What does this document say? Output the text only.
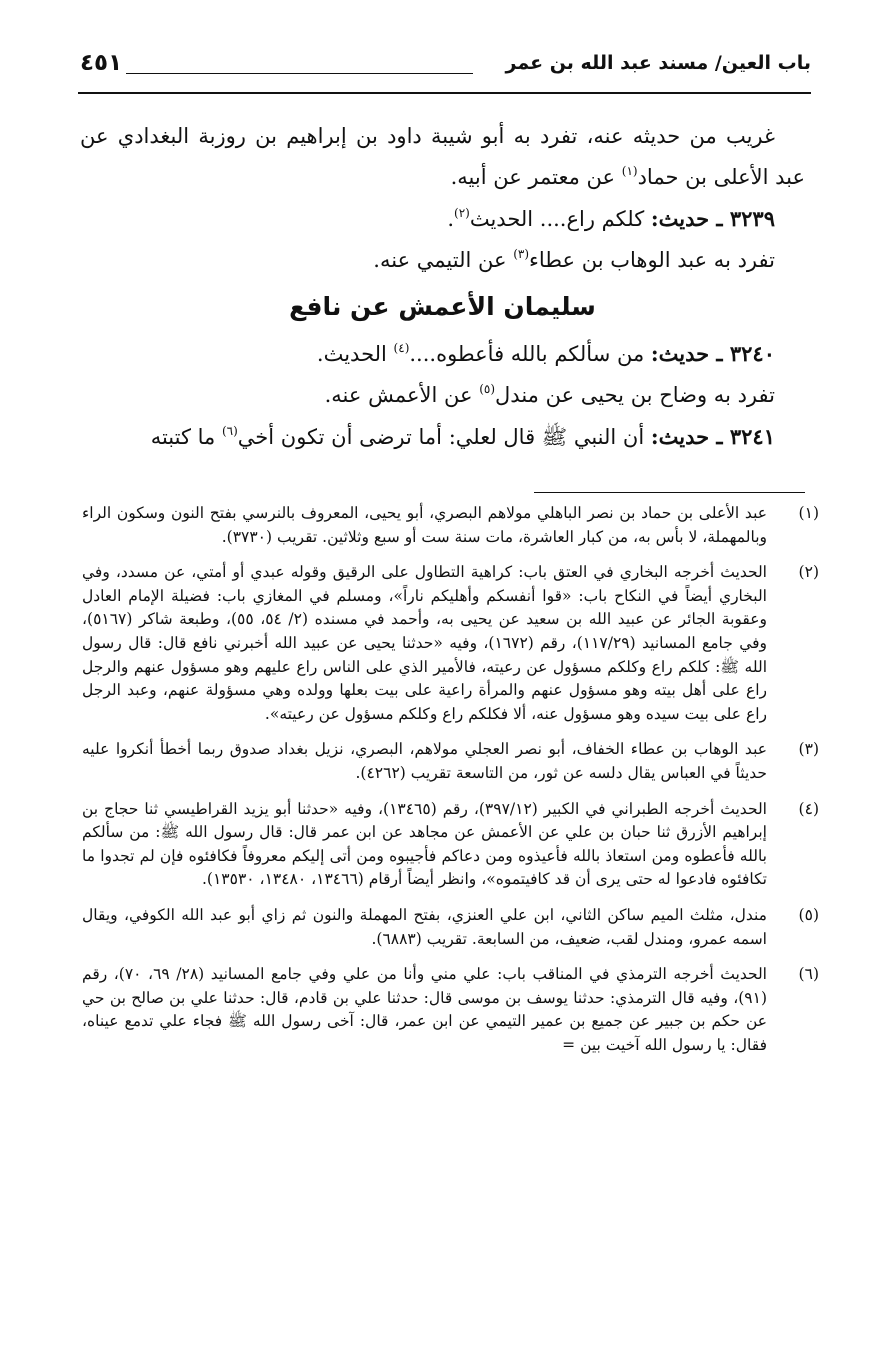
باب العين/ مسند عبد الله بن عمر
٤٥١

غريب من حديثه عنه، تفرد به أبو شيبة داود بن إبراهيم بن روزبة البغدادي عن عبد الأعلى بن حماد$^{(١)}$ عن معتمر عن أبيه.

٣٢٣٩ ـ حديث: كلكم راع.... الحديث$^{(٢)}$.

تفرد به عبد الوهاب بن عطاء$^{(٣)}$ عن التيمي عنه.

سليمان الأعمش عن نافع

٣٢٤٠ ـ حديث: من سألكم بالله فأعطوه....$^{(٤)}$ الحديث.

تفرد به وضاح بن يحيى عن مندل$^{(٥)}$ عن الأعمش عنه.

٣٢٤١ ـ حديث: أن النبي ﷺ قال لعلي: أما ترضى أن تكون أخي$^{(٦)}$ ما كتبته

(١)
عبد الأعلى بن حماد بن نصر الباهلي مولاهم البصري، أبو يحيى، المعروف بالنرسي بفتح النون وسكون الراء وبالمهملة، لا بأس به، من كبار العاشرة، مات سنة ست أو سبع وثلاثين. تقريب (٣٧٣٠).
(٢)
الحديث أخرجه البخاري في العتق باب: كراهية التطاول على الرقيق وقوله عبدي أو أمتي، عن مسدد، وفي البخاري أيضاً في النكاح باب: «قوا أنفسكم وأهليكم ناراً»، ومسلم في المغازي باب: فضيلة الإمام العادل وعقوبة الجائر عن عبيد الله بن سعيد عن يحيى به، وأحمد في مسنده (٢/ ٥٤، ٥٥)، وطبعة شاكر (٥١٦٧)، وفي جامع المسانيد (١١٧/٢٩)، رقم (١٦٧٢)، وفيه «حدثنا يحيى عن عبيد الله أخبرني نافع قال: قال رسول الله ﷺ: كلكم راع وكلكم مسؤول عن رعيته، فالأمير الذي على الناس راع عليهم وهو مسؤول عنهم والرجل راع على أهل بيته وهو مسؤول عنهم والمرأة راعية على بيت بعلها وولده وهي مسؤولة عنهم، وعبد الرجل راع على بيت سيده وهو مسؤول عنه، ألا فكلكم راع وكلكم مسؤول عن رعيته».
(٣)
عبد الوهاب بن عطاء الخفاف، أبو نصر العجلي مولاهم، البصري، نزيل بغداد صدوق ربما أخطأ أنكروا عليه حديثاً في العباس يقال دلسه عن ثور، من التاسعة تقريب (٤٢٦٢).
(٤)
الحديث أخرجه الطبراني في الكبير (٣٩٧/١٢)، رقم (١٣٤٦٥)، وفيه «حدثنا أبو يزيد القراطيسي ثنا حجاج بن إبراهيم الأزرق ثنا حبان بن علي عن الأعمش عن مجاهد عن ابن عمر قال: قال رسول الله ﷺ: من سألكم بالله فأعطوه ومن استعاذ بالله فأعيذوه ومن دعاكم فأجيبوه ومن أتى إليكم معروفاً فكافئوه فإن لم تجدوا ما تكافئوه فادعوا له حتى يرى أن قد كافيتموه»، وانظر أيضاً أرقام (١٣٤٦٦، ١٣٤٨٠، ١٣٥٣٠).
(٥)
مندل، مثلث الميم ساكن الثاني، ابن علي العنزي، بفتح المهملة والنون ثم زاي أبو عبد الله الكوفي، ويقال اسمه عمرو، ومندل لقب، ضعيف، من السابعة. تقريب (٦٨٨٣).
(٦)
الحديث أخرجه الترمذي في المناقب باب: علي مني وأنا من علي وفي جامع المسانيد (٢٨/ ٦٩، ٧٠)، رقم (٩١)، وفيه قال الترمذي: حدثنا يوسف بن موسى قال: حدثنا علي بن قادم، قال: حدثنا علي بن صالح بن حي عن حكم بن جبير عن جميع بن عمير التيمي عن ابن عمر، قال: آخى رسول الله ﷺ فجاء علي تدمع عيناه، فقال: يا رسول الله آخيت بين =
